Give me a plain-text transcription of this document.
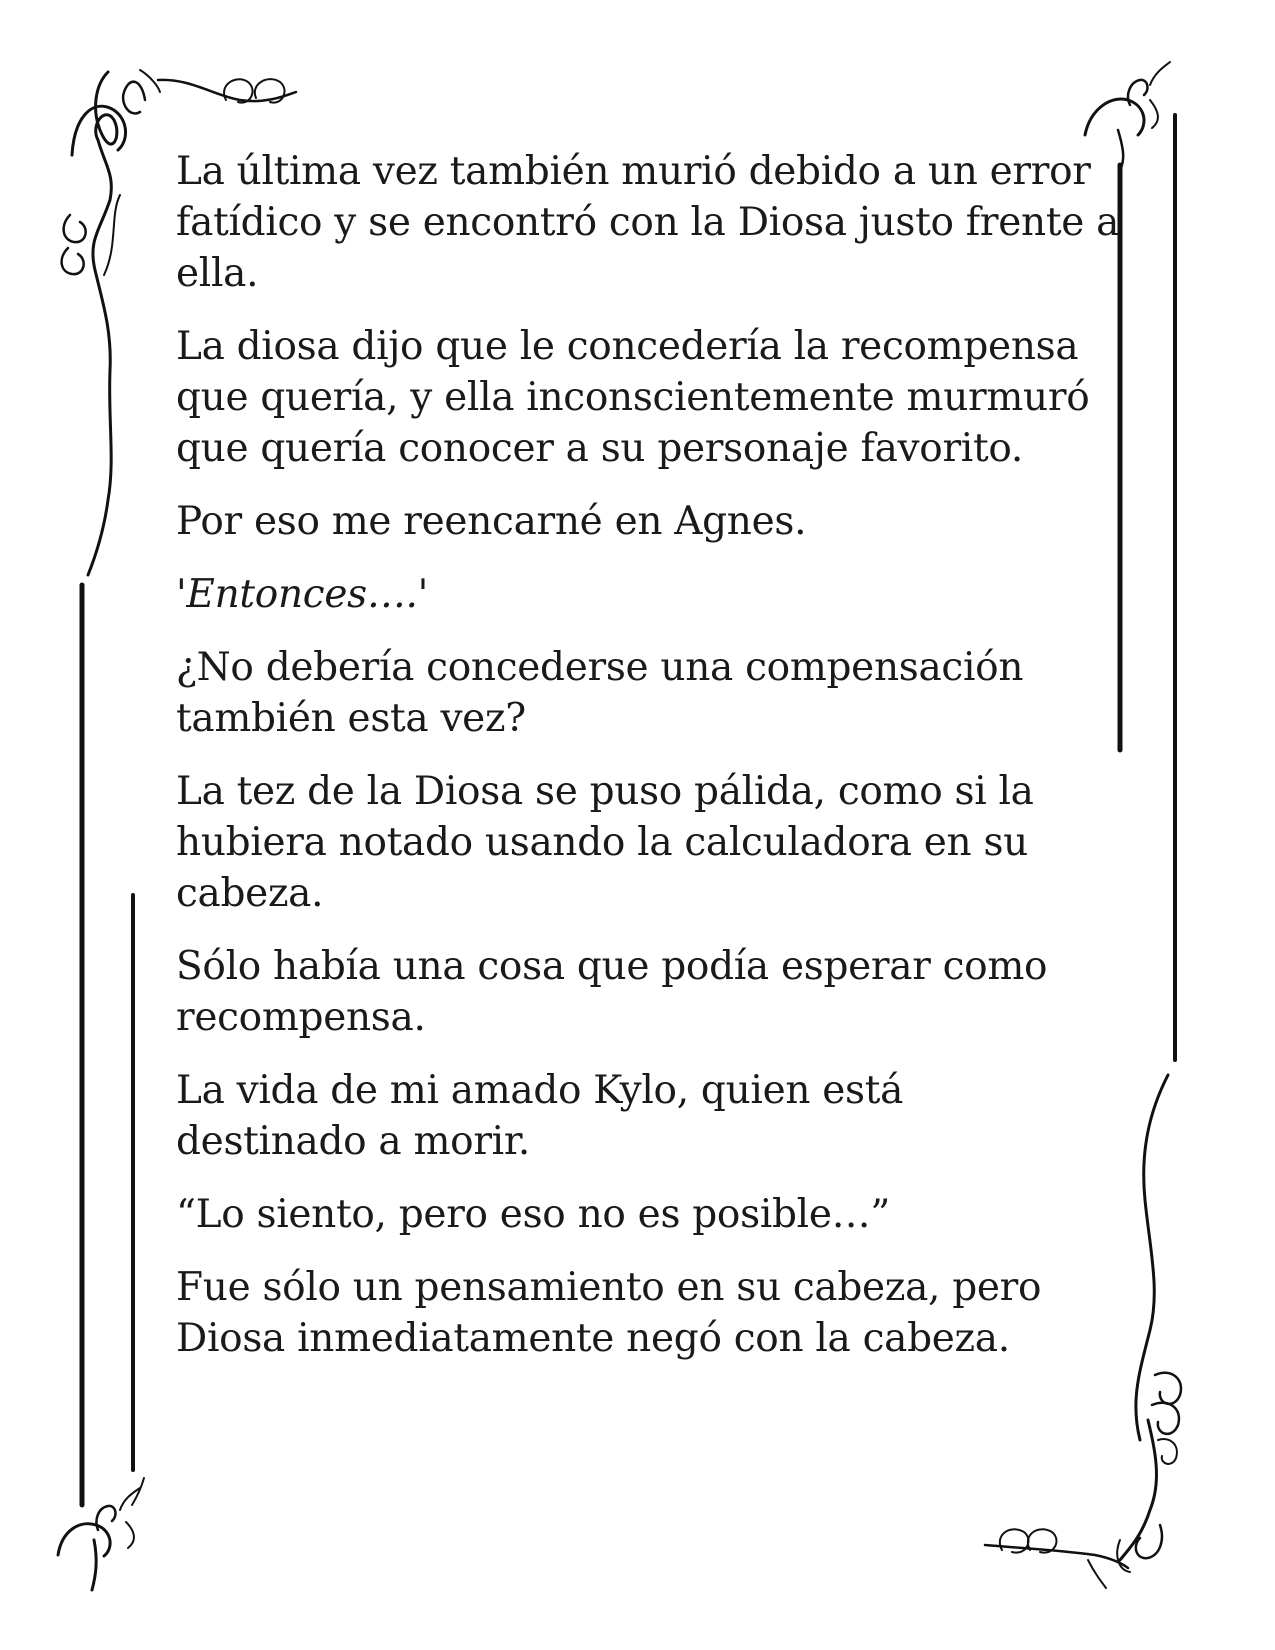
La última vez también murió debido a un error
fatídico y se encontró con la Diosa justo frente a
ella.

La diosa dijo que le concedería la recompensa
que quería, y ella inconscientemente murmuró
que quería conocer a su personaje favorito.

Por eso me reencarné en Agnes.

'Entonces….'

¿No debería concederse una compensación
también esta vez?

La tez de la Diosa se puso pálida, como si la
hubiera notado usando la calculadora en su
cabeza.

Sólo había una cosa que podía esperar como
recompensa.

La vida de mi amado Kylo, quien está
destinado a morir.

“Lo siento, pero eso no es posible…”

Fue sólo un pensamiento en su cabeza, pero
Diosa inmediatamente negó con la cabeza.
